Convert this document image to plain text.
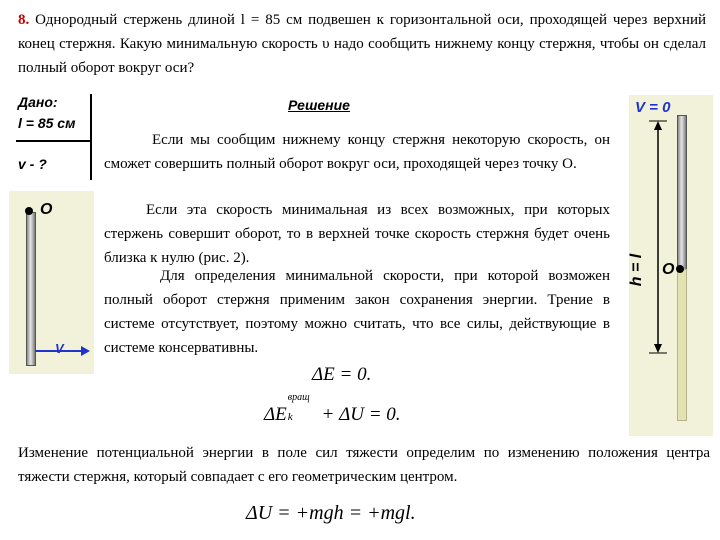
8. Однородный стержень длиной l = 85 см подвешен к горизонтальной оси, проходящей через верхний конец стержня. Какую минимальную скорость υ надо сообщить нижнему концу стержня, чтобы он сделал полный оборот вокруг оси?
Дано:
l = 85 см
v - ?
O
V
Решение
Если мы сообщим нижнему концу стержня некоторую скорость, он сможет совершить полный оборот вокруг оси, проходящей через точку O.
Если эта скорость минимальная из всех возможных, при которых стержень совершит оборот, то в верхней точке скорость стержня будет очень близка к нулю (рис. 2).
Для определения минимальной скорости, при которой возможен полный оборот стержня применим закон сохранения энергии. Трение в системе отсутствует, поэтому можно считать, что все силы, действующие в системе консервативны.
V = 0
O
h = l
ΔE = 0.
ΔE
вращ
k + ΔU = 0.
Изменение потенциальной энергии в поле сил тяжести определим по изменению положения центра тяжести стержня, который совпадает с его геометрическим центром.
ΔU = +mgh = +mgl.
